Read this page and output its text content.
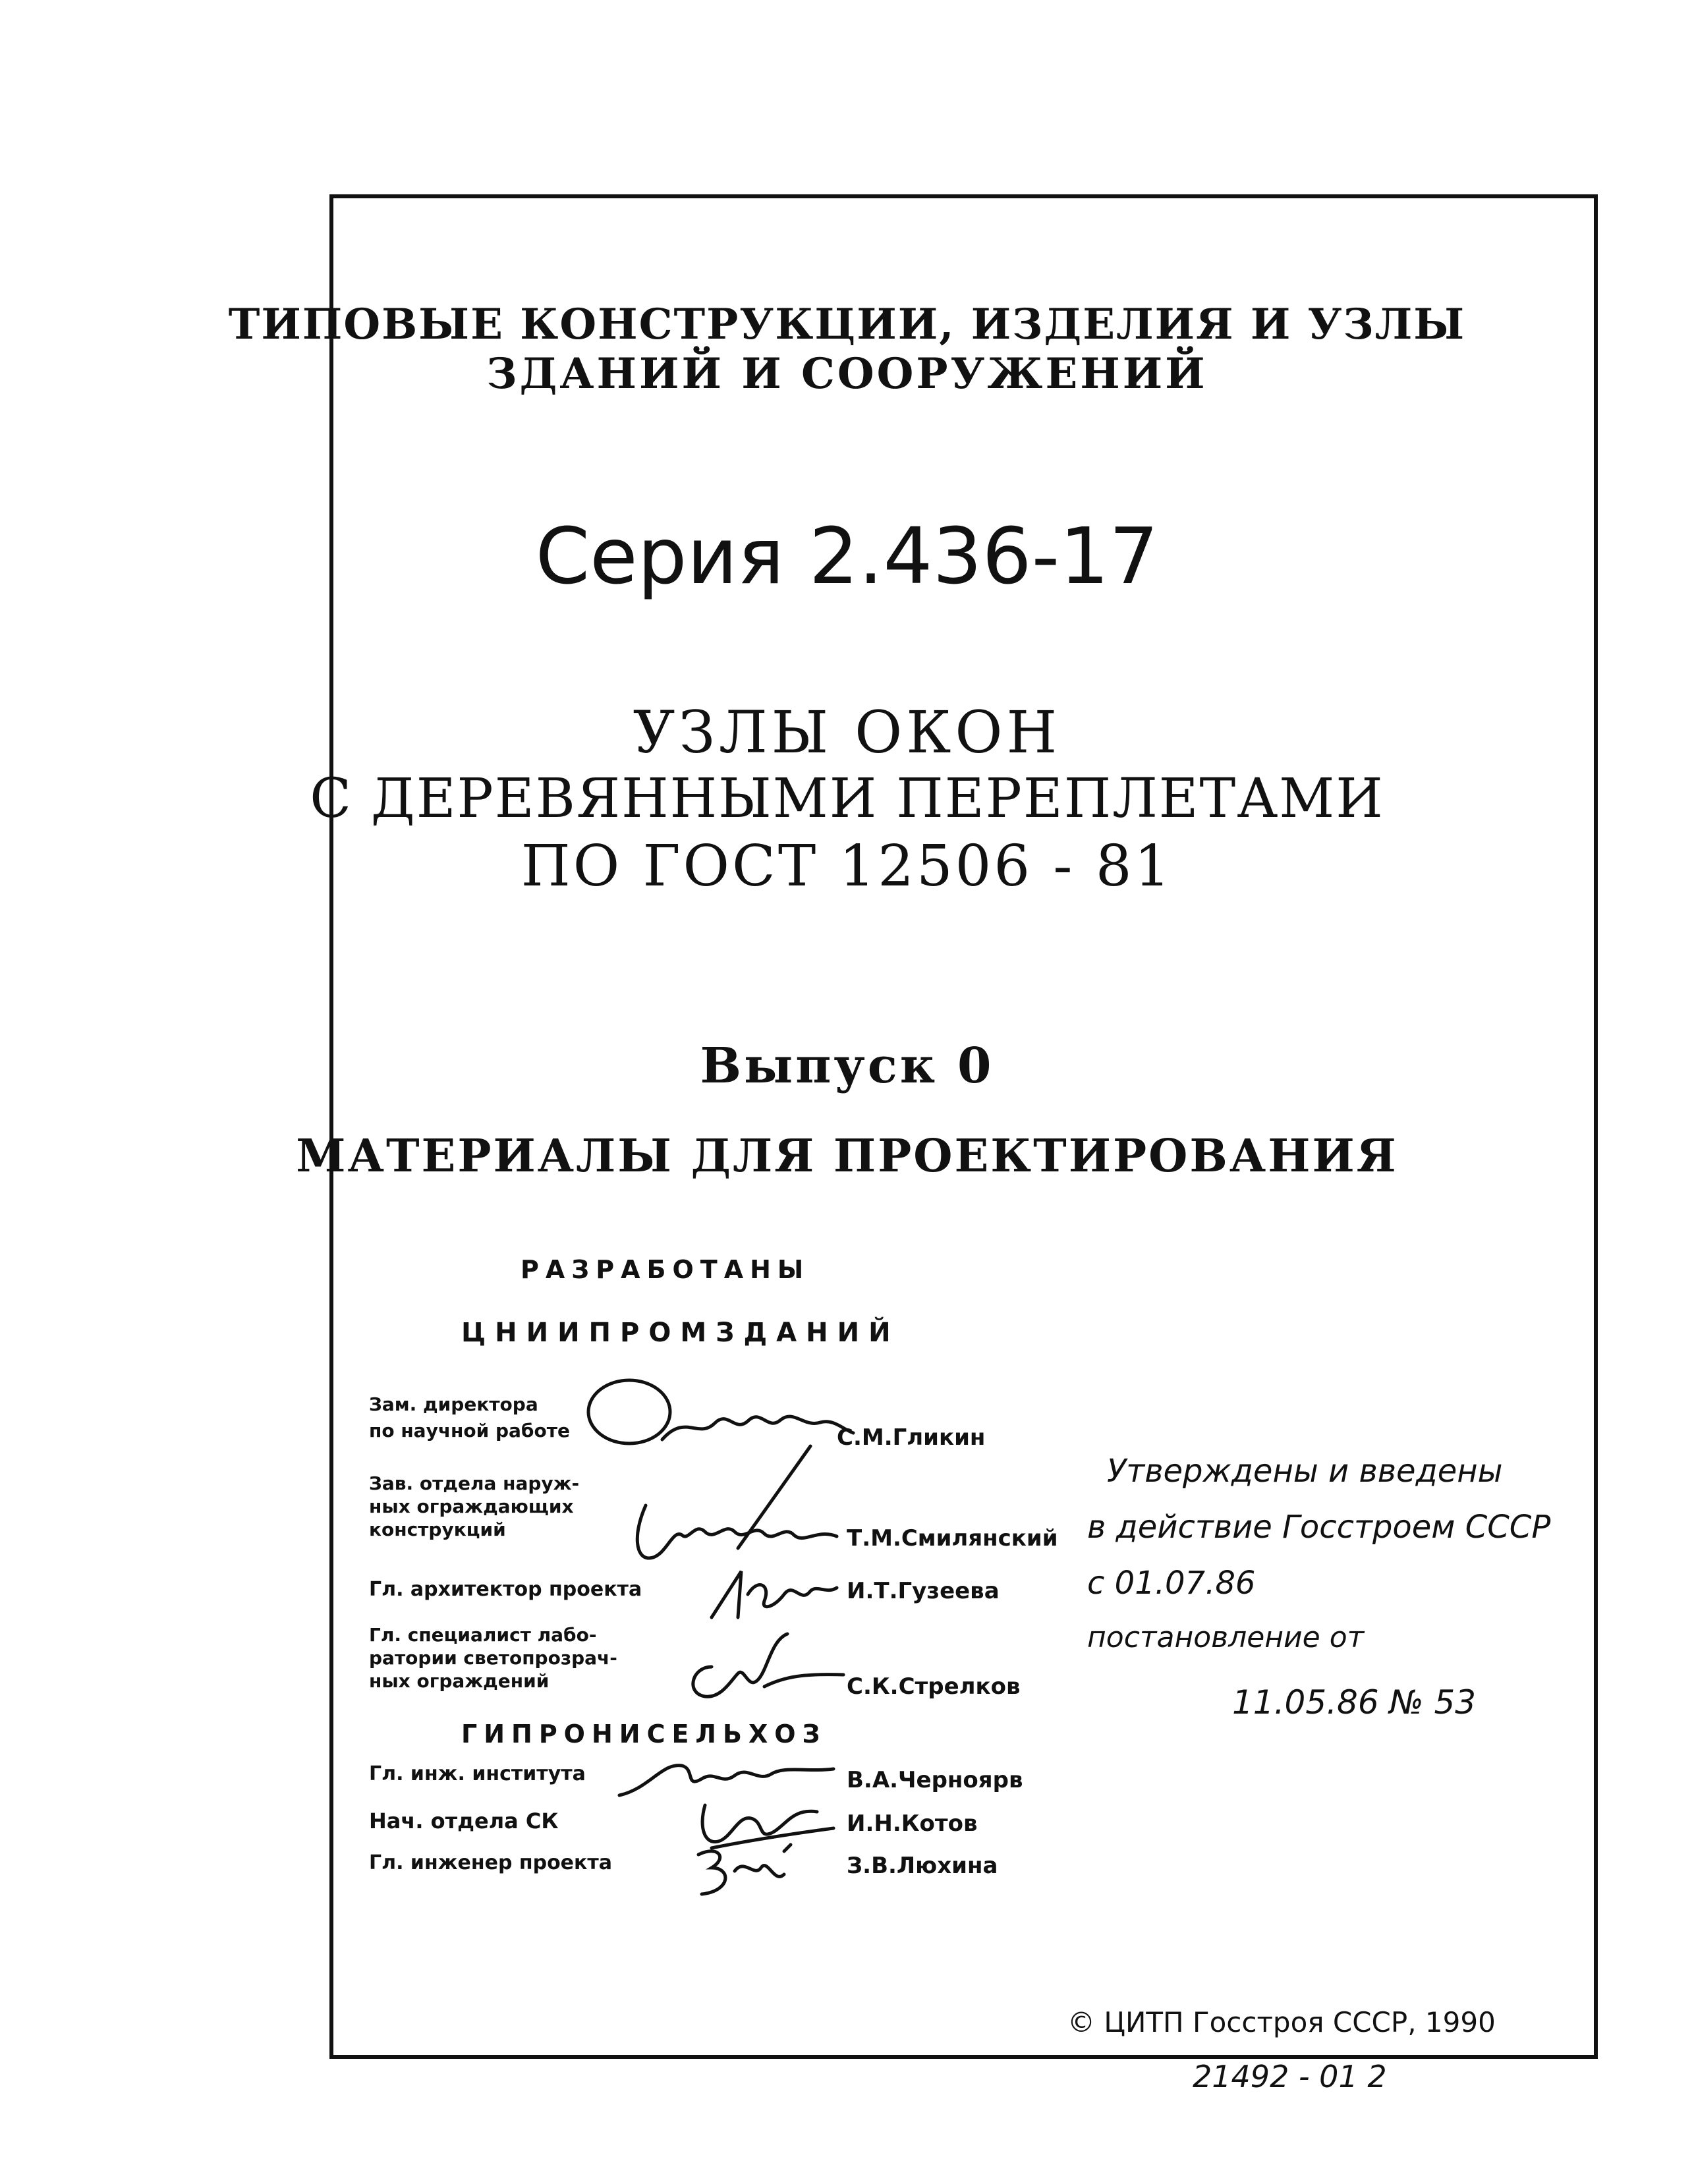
ТИПОВЫЕ КОНСТРУКЦИИ, ИЗДЕЛИЯ И УЗЛЫ
ЗДАНИЙ И СООРУЖЕНИЙ
Серия 2.436-17
УЗЛЫ ОКОН
С ДЕРЕВЯННЫМИ ПЕРЕПЛЕТАМИ
ПО ГОСТ 12506 - 81
Выпуск 0
МАТЕРИАЛЫ ДЛЯ ПРОЕКТИРОВАНИЯ
РАЗРАБОТАНЫ
ЦНИИПРОМЗДАНИЙ
Зам. директора
по научной работе	С.М.Гликин
Зав. отдела наруж-
ных ограждающих
конструкций	Т.М.Смилянский
Гл. архитектор проекта	И.Т.Гузеева
Гл. специалист лабо-
ратории светопрозрач-
ных ограждений	С.К.Стрелков
ГИПРОНИСЕЛЬХОЗ
Гл. инж. института	В.А.Черноярв
Нач. отдела СК	И.Н.Котов
Гл. инженер проекта	З.В.Люхина
Утверждены и введены
в действие Госстроем СССР
с 01.07.86
постановление от
11.05.86 № 53
© ЦИТП Госстроя СССР, 1990
21492 - 01 2
